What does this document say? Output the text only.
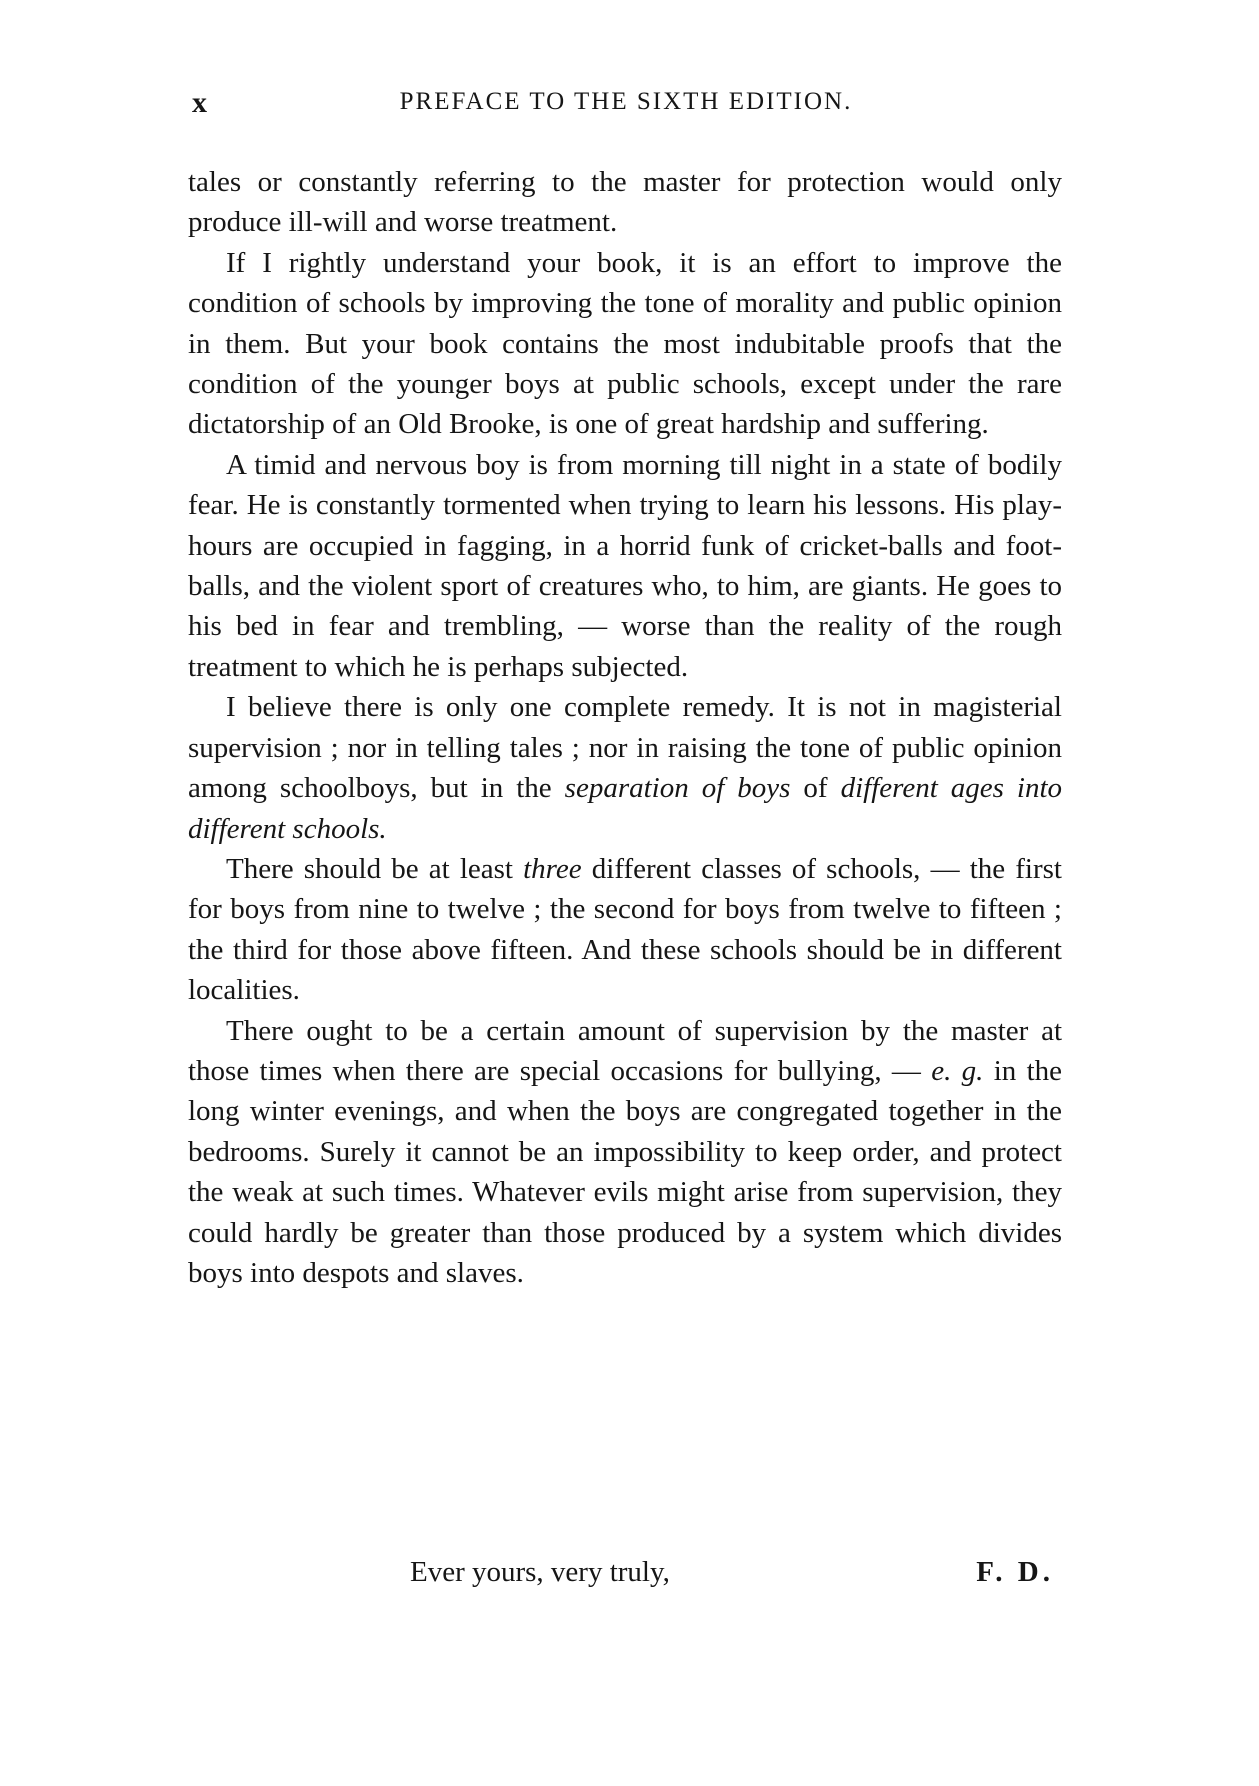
x	PREFACE TO THE SIXTH EDITION.

tales or constantly referring to the master for protection would only produce ill-will and worse treatment.

If I rightly understand your book, it is an effort to improve the condition of schools by improving the tone of morality and public opinion in them. But your book contains the most indubitable proofs that the condition of the younger boys at public schools, except under the rare dictatorship of an Old Brooke, is one of great hardship and suffering.

A timid and nervous boy is from morning till night in a state of bodily fear. He is constantly tormented when trying to learn his lessons. His play-hours are occupied in fagging, in a horrid funk of cricket-balls and foot-balls, and the violent sport of creatures who, to him, are giants. He goes to his bed in fear and trembling, — worse than the reality of the rough treatment to which he is perhaps subjected.

I believe there is only one complete remedy. It is not in magisterial supervision ; nor in telling tales ; nor in raising the tone of public opinion among schoolboys, but in the separation of boys of different ages into different schools.

There should be at least three different classes of schools, — the first for boys from nine to twelve ; the second for boys from twelve to fifteen ; the third for those above fifteen. And these schools should be in different localities.

There ought to be a certain amount of supervision by the master at those times when there are special occasions for bullying, — e. g. in the long winter evenings, and when the boys are congregated together in the bedrooms. Surely it cannot be an impossibility to keep order, and protect the weak at such times. Whatever evils might arise from supervision, they could hardly be greater than those produced by a system which divides boys into despots and slaves.

Ever yours, very truly,	F. D.
